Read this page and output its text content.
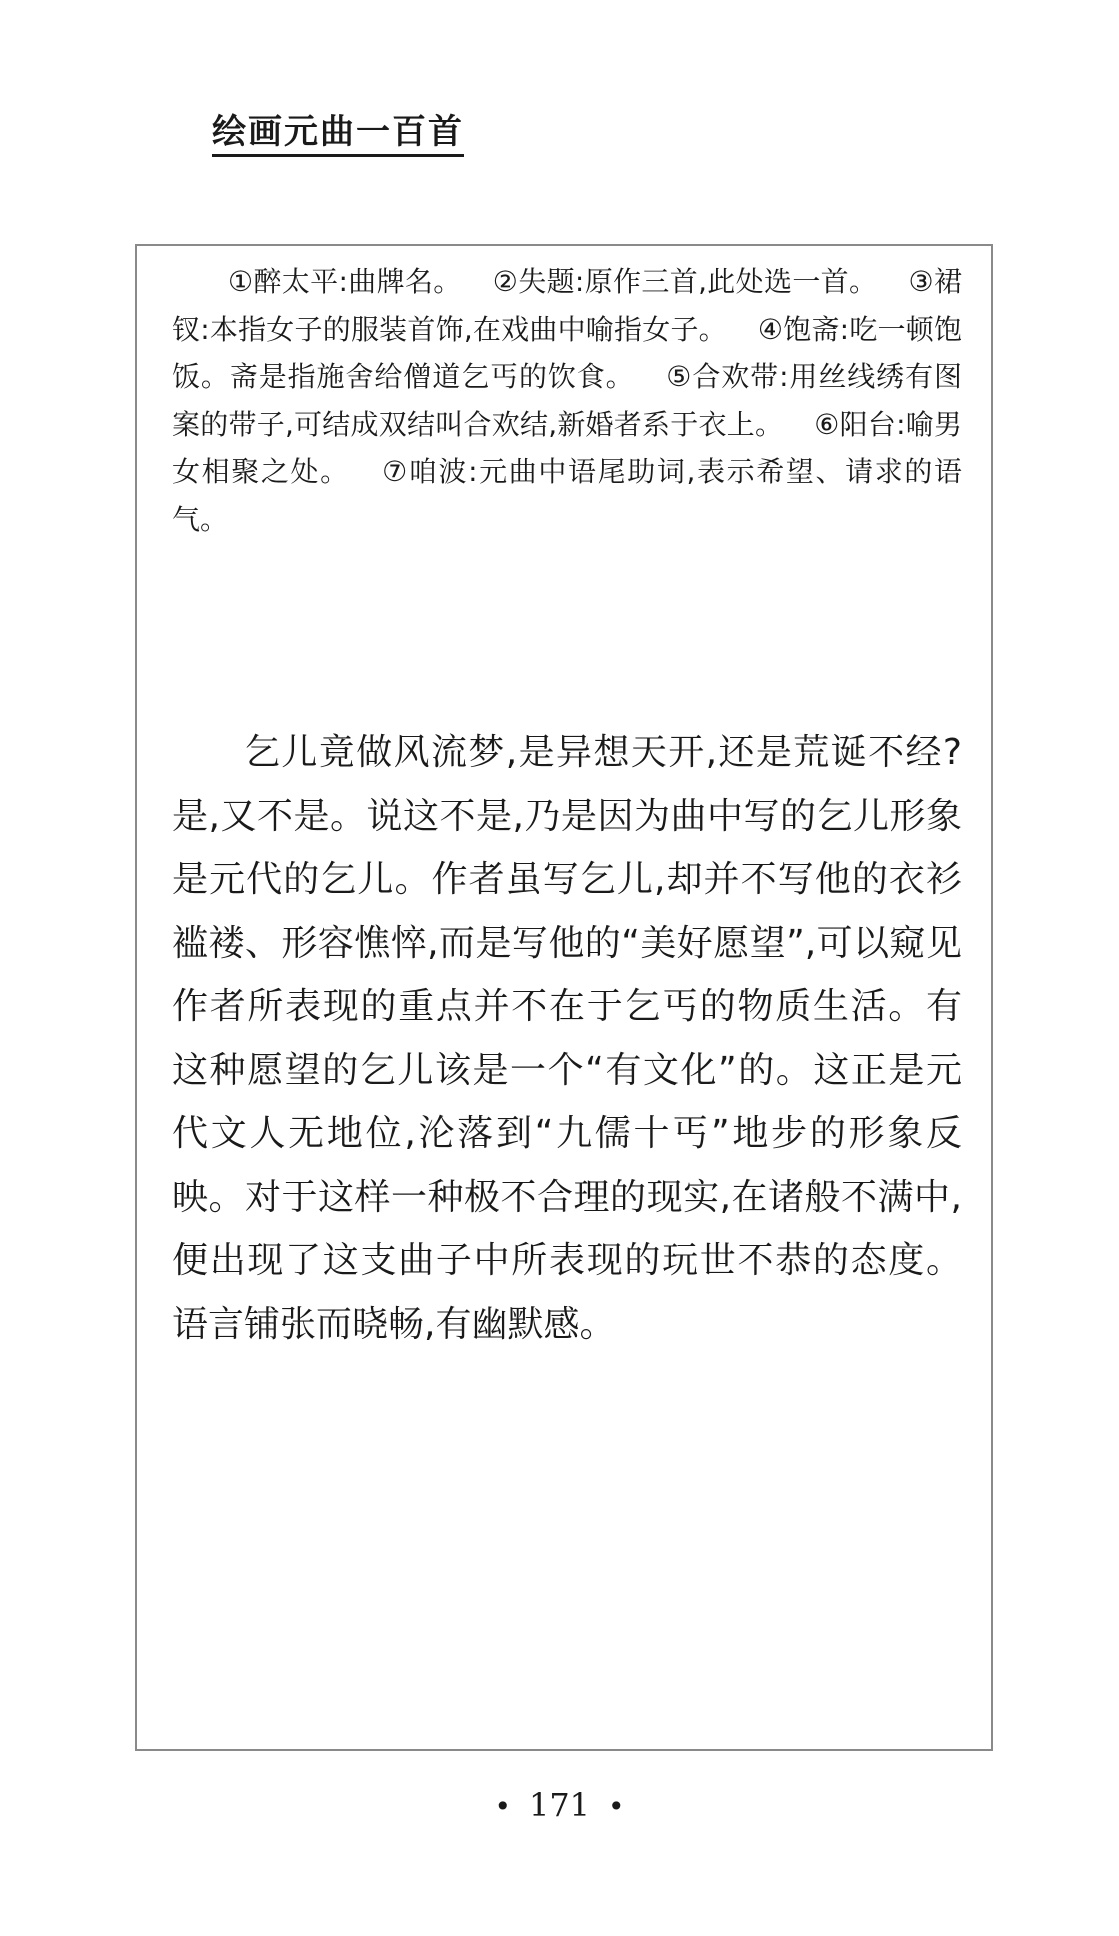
绘画元曲一百首

①醉太平:曲牌名。 ②失题:原作三首,此处选一首。 ③裙钗:本指女子的服装首饰,在戏曲中喻指女子。 ④饱斋:吃一顿饱饭。斋是指施舍给僧道乞丐的饮食。 ⑤合欢带:用丝线绣有图案的带子,可结成双结叫合欢结,新婚者系于衣上。 ⑥阳台:喻男女相聚之处。 ⑦咱波:元曲中语尾助词,表示希望、请求的语气。

乞儿竟做风流梦,是异想天开,还是荒诞不经?是,又不是。说这不是,乃是因为曲中写的乞儿形象是元代的乞儿。作者虽写乞儿,却并不写他的衣衫褴褛、形容憔悴,而是写他的“美好愿望”,可以窥见作者所表现的重点并不在于乞丐的物质生活。有这种愿望的乞儿该是一个“有文化”的。这正是元代文人无地位,沦落到“九儒十丐”地步的形象反映。对于这样一种极不合理的现实,在诸般不满中,便出现了这支曲子中所表现的玩世不恭的态度。语言铺张而晓畅,有幽默感。

• 171 •
